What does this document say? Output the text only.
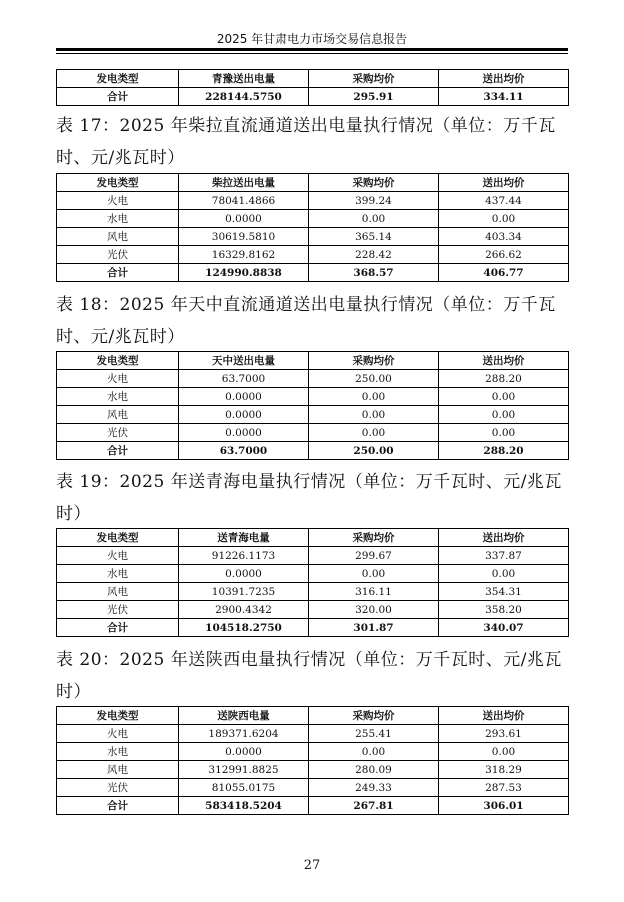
2025 年甘肃电力市场交易信息报告
发电类型	青豫送出电量	采购均价	送出均价
合计	228144.5750	295.91	334.11
表 17：2025 年柴拉直流通道送出电量执行情况（单位：万千瓦时、元/兆瓦时）
发电类型	柴拉送出电量	采购均价	送出均价
火电	78041.4866	399.24	437.44
水电	0.0000	0.00	0.00
风电	30619.5810	365.14	403.34
光伏	16329.8162	228.42	266.62
合计	124990.8838	368.57	406.77
表 18：2025 年天中直流通道送出电量执行情况（单位：万千瓦时、元/兆瓦时）
发电类型	天中送出电量	采购均价	送出均价
火电	63.7000	250.00	288.20
水电	0.0000	0.00	0.00
风电	0.0000	0.00	0.00
光伏	0.0000	0.00	0.00
合计	63.7000	250.00	288.20
表 19：2025 年送青海电量执行情况（单位：万千瓦时、元/兆瓦时）
发电类型	送青海电量	采购均价	送出均价
火电	91226.1173	299.67	337.87
水电	0.0000	0.00	0.00
风电	10391.7235	316.11	354.31
光伏	2900.4342	320.00	358.20
合计	104518.2750	301.87	340.07
表 20：2025 年送陕西电量执行情况（单位：万千瓦时、元/兆瓦时）
发电类型	送陕西电量	采购均价	送出均价
火电	189371.6204	255.41	293.61
水电	0.0000	0.00	0.00
风电	312991.8825	280.09	318.29
光伏	81055.0175	249.33	287.53
合计	583418.5204	267.81	306.01
27
